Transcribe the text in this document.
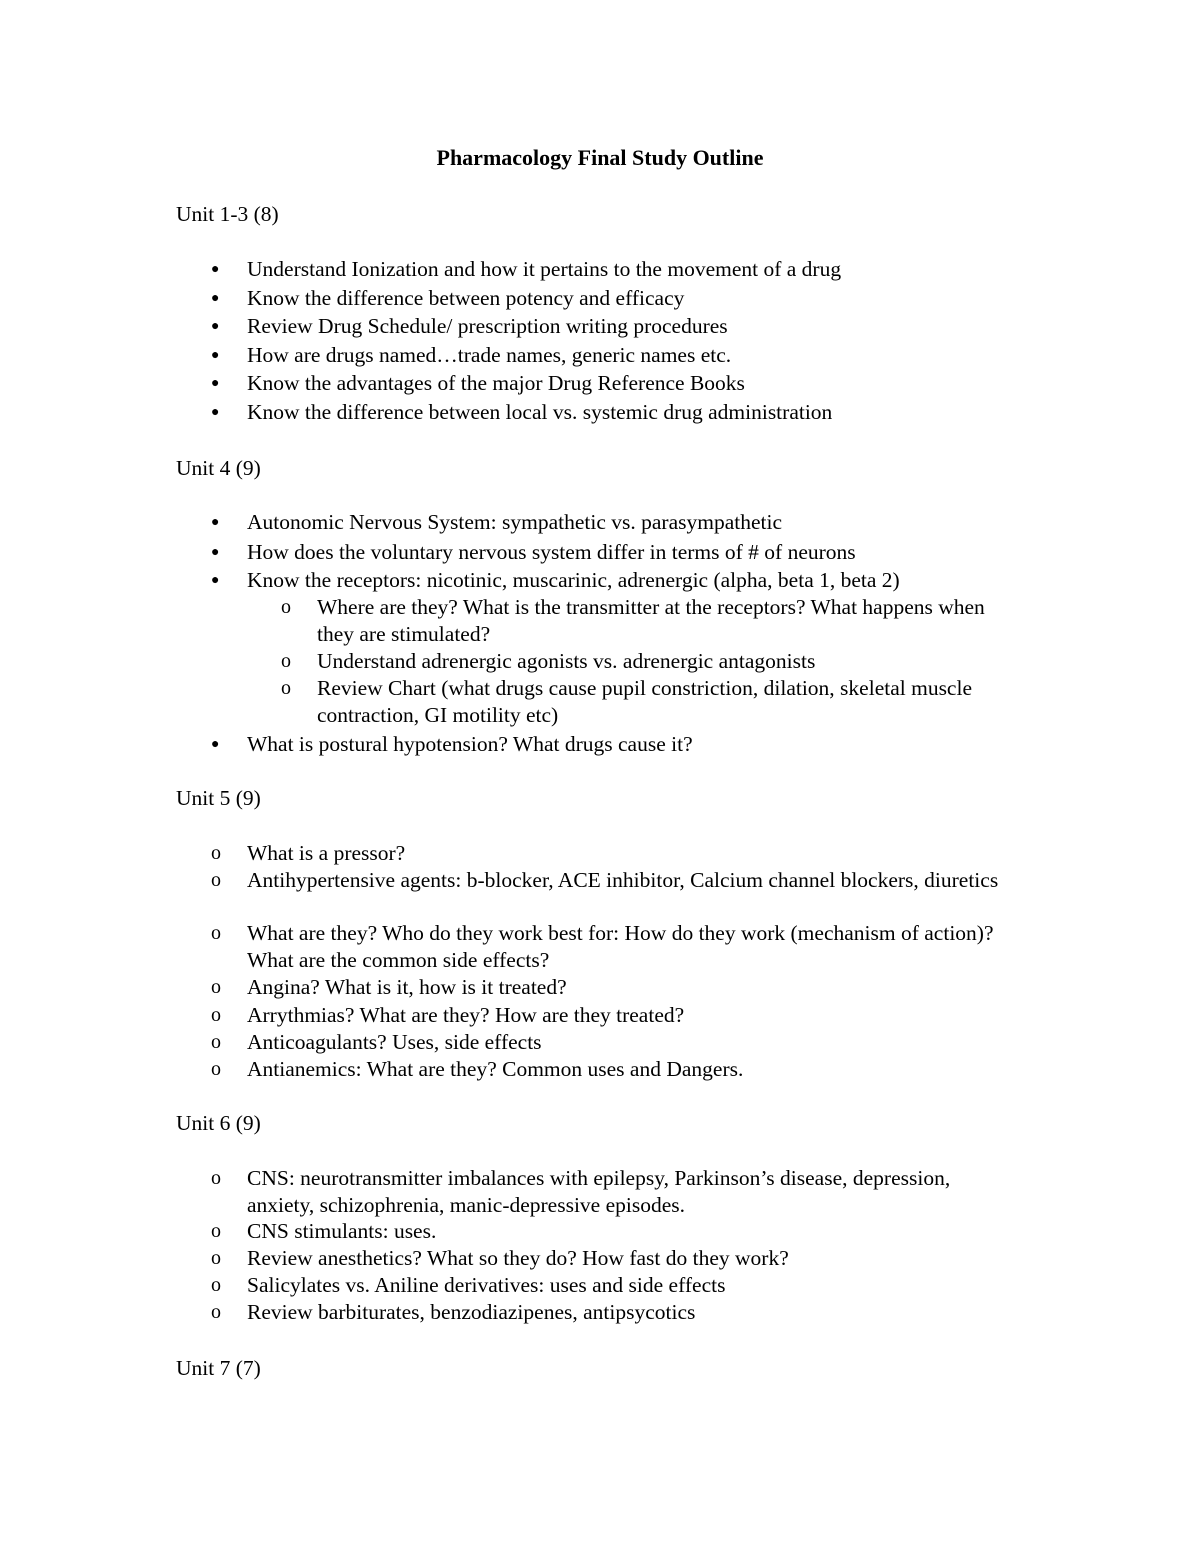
Pharmacology Final Study Outline
Unit 1-3 (8)
● Understand Ionization and how it pertains to the movement of a drug
● Know the difference between potency and efficacy
● Review Drug Schedule/ prescription writing procedures
● How are drugs named…trade names, generic names etc.
● Know the advantages of the major Drug Reference Books
● Know the difference between local vs. systemic drug administration
Unit 4 (9)
● Autonomic Nervous System: sympathetic vs. parasympathetic
● How does the voluntary nervous system differ in terms of # of neurons
● Know the receptors: nicotinic, muscarinic, adrenergic (alpha, beta 1, beta 2)
o Where are they? What is the transmitter at the receptors? What happens when they are stimulated?
o Understand adrenergic agonists vs. adrenergic antagonists
o Review Chart (what drugs cause pupil constriction, dilation, skeletal muscle contraction, GI motility etc)
● What is postural hypotension? What drugs cause it?
Unit 5 (9)
o What is a pressor?
o Antihypertensive agents: b-blocker, ACE inhibitor, Calcium channel blockers, diuretics
o What are they? Who do they work best for: How do they work (mechanism of action)? What are the common side effects?
o Angina? What is it, how is it treated?
o Arrythmias? What are they? How are they treated?
o Anticoagulants? Uses, side effects
o Antianemics: What are they? Common uses and Dangers.
Unit 6 (9)
o CNS: neurotransmitter imbalances with epilepsy, Parkinson’s disease, depression, anxiety, schizophrenia, manic-depressive episodes.
o CNS stimulants: uses.
o Review anesthetics? What so they do? How fast do they work?
o Salicylates vs. Aniline derivatives: uses and side effects
o Review barbiturates, benzodiazipenes, antipsycotics
Unit 7 (7)
